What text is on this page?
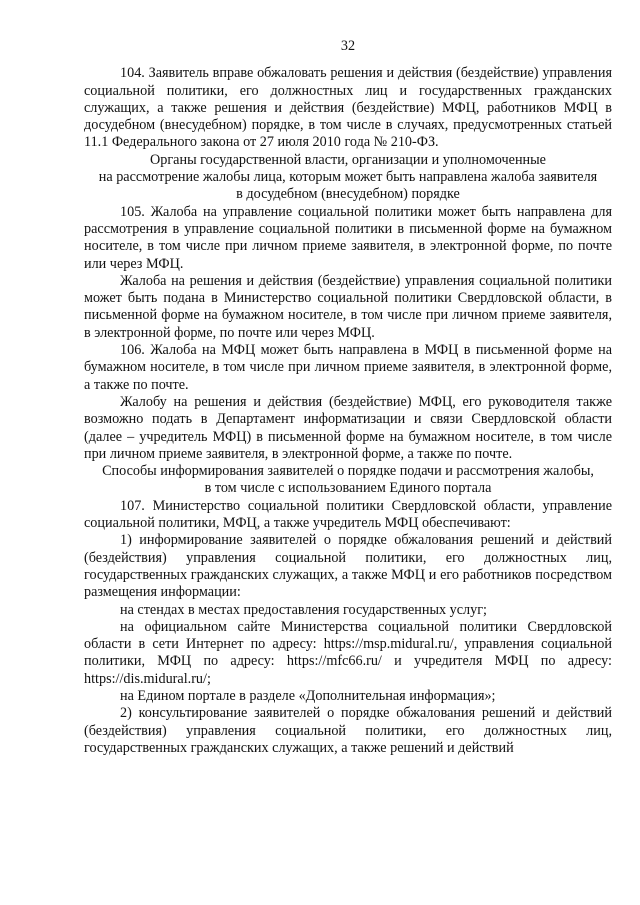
32

104. Заявитель вправе обжаловать решения и действия (бездействие) управления социальной политики, его должностных лиц и государственных гражданских служащих, а также решения и действия (бездействие) МФЦ, работников МФЦ в досудебном (внесудебном) порядке, в том числе в случаях, предусмотренных статьей 11.1 Федерального закона от 27 июля 2010 года № 210-ФЗ.

Органы государственной власти, организации и уполномоченные
на рассмотрение жалобы лица, которым может быть направлена жалоба заявителя
в досудебном (внесудебном) порядке

105. Жалоба на управление социальной политики может быть направлена для рассмотрения в управление социальной политики в письменной форме на бумажном носителе, в том числе при личном приеме заявителя, в электронной форме, по почте или через МФЦ.

Жалоба на решения и действия (бездействие) управления социальной политики может быть подана в Министерство социальной политики Свердловской области, в письменной форме на бумажном носителе, в том числе при личном приеме заявителя, в электронной форме, по почте или через МФЦ.

106. Жалоба на МФЦ может быть направлена в МФЦ в письменной форме на бумажном носителе, в том числе при личном приеме заявителя, в электронной форме, а также по почте.

Жалобу на решения и действия (бездействие) МФЦ, его руководителя также возможно подать в Департамент информатизации и связи Свердловской области (далее – учредитель МФЦ) в письменной форме на бумажном носителе, в том числе при личном приеме заявителя, в электронной форме, а также по почте.

Способы информирования заявителей о порядке подачи и рассмотрения жалобы,
в том числе с использованием Единого портала

107. Министерство социальной политики Свердловской области, управление социальной политики, МФЦ, а также учредитель МФЦ обеспечивают:

1) информирование заявителей о порядке обжалования решений и действий (бездействия) управления социальной политики, его должностных лиц, государственных гражданских служащих, а также МФЦ и его работников посредством размещения информации:

на стендах в местах предоставления государственных услуг;

на официальном сайте Министерства социальной политики Свердловской области в сети Интернет по адресу: https://msp.midural.ru/, управления социальной политики, МФЦ по адресу: https://mfc66.ru/ и учредителя МФЦ по адресу: https://dis.midural.ru/;

на Едином портале в разделе «Дополнительная информация»;

2) консультирование заявителей о порядке обжалования решений и действий (бездействия) управления социальной политики, его должностных лиц, государственных гражданских служащих, а также решений и действий
